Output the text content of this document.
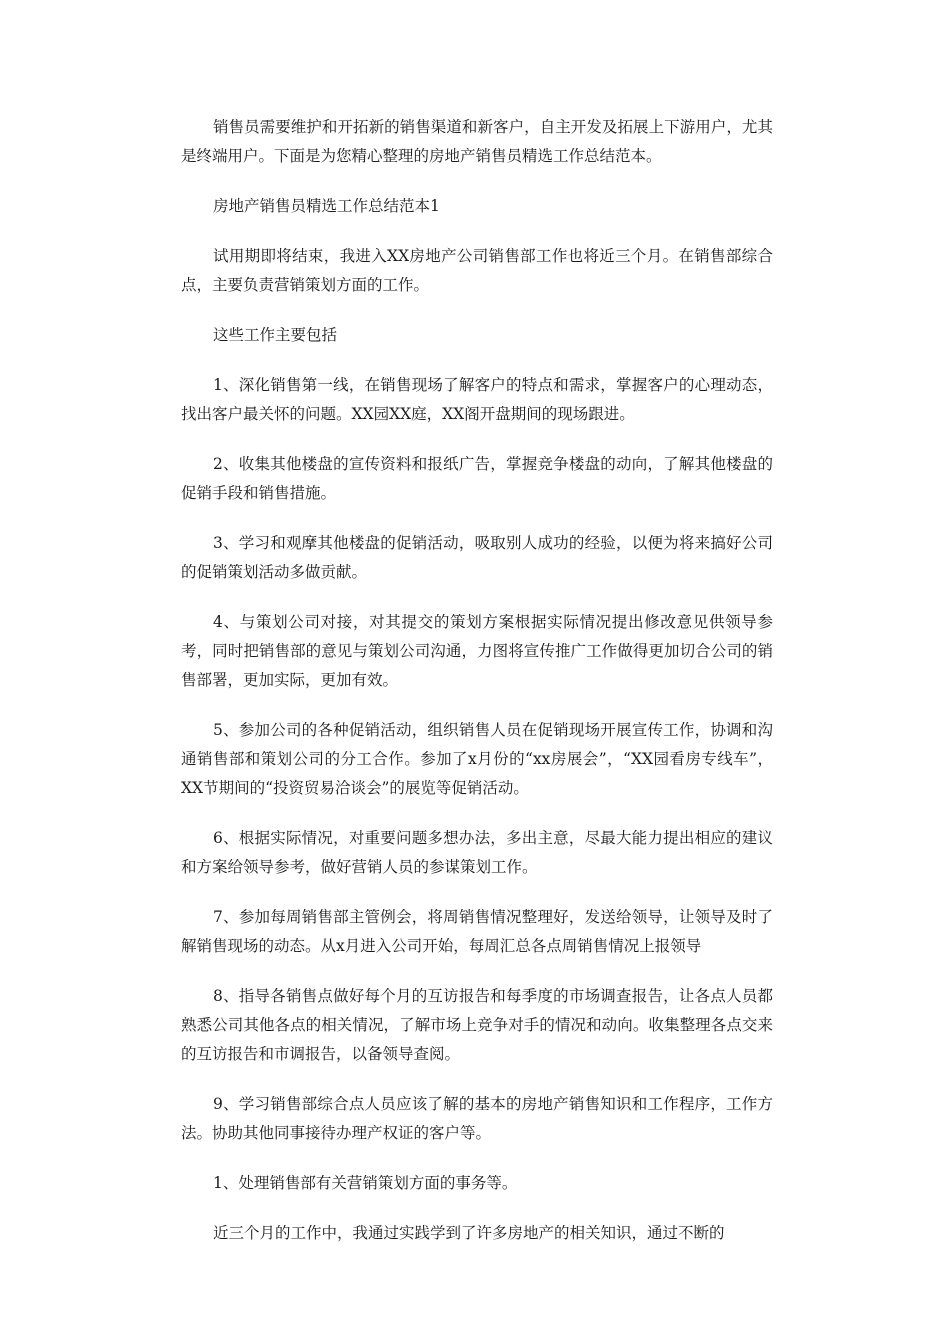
销售员需要维护和开拓新的销售渠道和新客户，自主开发及拓展上下游用户，尤其是终端用户。下面是为您精心整理的房地产销售员精选工作总结范本。

房地产销售员精选工作总结范本1

试用期即将结束，我进入XX房地产公司销售部工作也将近三个月。在销售部综合点，主要负责营销策划方面的工作。

这些工作主要包括

1、深化销售第一线，在销售现场了解客户的特点和需求，掌握客户的心理动态，找出客户最关怀的问题。XX园XX庭，XX阁开盘期间的现场跟进。

2、收集其他楼盘的宣传资料和报纸广告，掌握竞争楼盘的动向，了解其他楼盘的促销手段和销售措施。

3、学习和观摩其他楼盘的促销活动，吸取别人成功的经验，以便为将来搞好公司的促销策划活动多做贡献。

4、与策划公司对接，对其提交的策划方案根据实际情况提出修改意见供领导参考，同时把销售部的意见与策划公司沟通，力图将宣传推广工作做得更加切合公司的销售部署，更加实际，更加有效。

5、参加公司的各种促销活动，组织销售人员在促销现场开展宣传工作，协调和沟通销售部和策划公司的分工合作。参加了x月份的“xx房展会”，“XX园看房专线车”，XX节期间的“投资贸易洽谈会”的展览等促销活动。

6、根据实际情况，对重要问题多想办法，多出主意，尽最大能力提出相应的建议和方案给领导参考，做好营销人员的参谋策划工作。

7、参加每周销售部主管例会，将周销售情况整理好，发送给领导，让领导及时了解销售现场的动态。从x月进入公司开始，每周汇总各点周销售情况上报领导

8、指导各销售点做好每个月的互访报告和每季度的市场调查报告，让各点人员都熟悉公司其他各点的相关情况，了解市场上竞争对手的情况和动向。收集整理各点交来的互访报告和市调报告，以备领导查阅。

9、学习销售部综合点人员应该了解的基本的房地产销售知识和工作程序，工作方法。协助其他同事接待办理产权证的客户等。

1、处理销售部有关营销策划方面的事务等。

近三个月的工作中，我通过实践学到了许多房地产的相关知识，通过不断的
